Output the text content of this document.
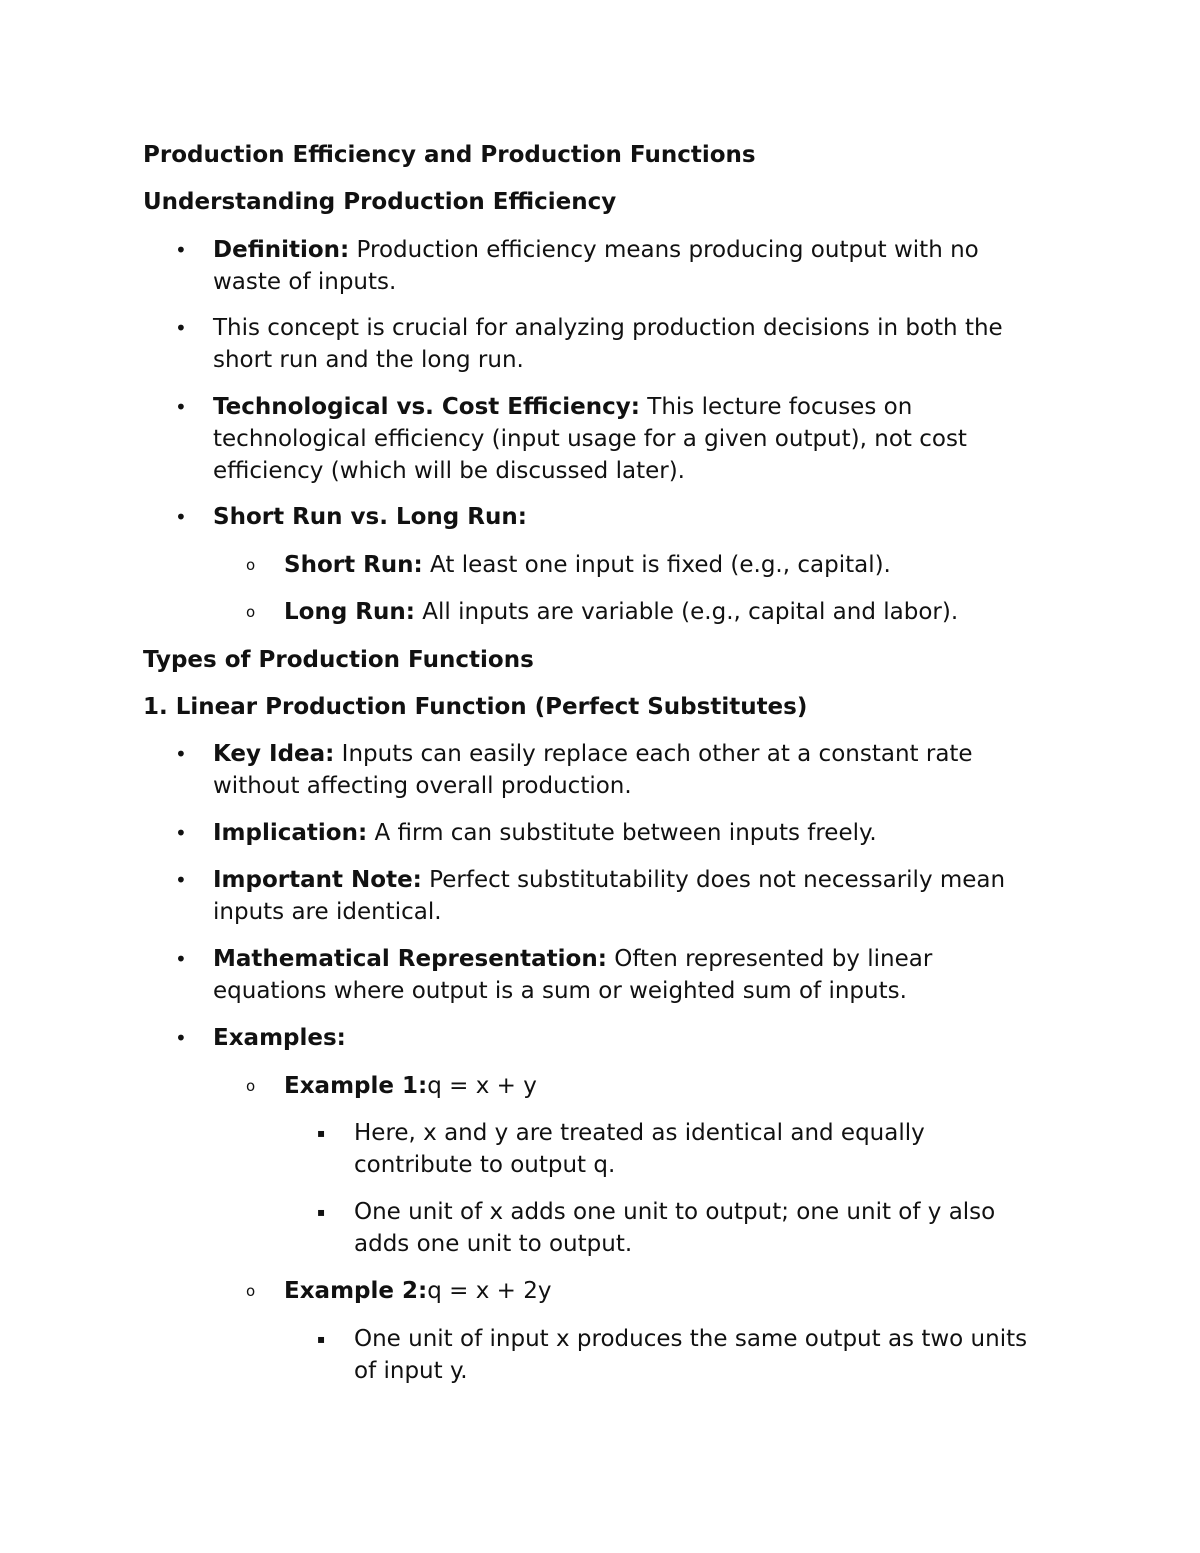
Production Efficiency and Production Functions
Understanding Production Efficiency
• Definition: Production efficiency means producing output with no
waste of inputs.
• This concept is crucial for analyzing production decisions in both the
short run and the long run.
• Technological vs. Cost Efficiency: This lecture focuses on
technological efficiency (input usage for a given output), not cost
efficiency (which will be discussed later).
• Short Run vs. Long Run:
o Short Run: At least one input is fixed (e.g., capital).
o Long Run: All inputs are variable (e.g., capital and labor).
Types of Production Functions
1. Linear Production Function (Perfect Substitutes)
• Key Idea: Inputs can easily replace each other at a constant rate
without affecting overall production.
• Implication: A firm can substitute between inputs freely.
• Important Note: Perfect substitutability does not necessarily mean
inputs are identical.
• Mathematical Representation: Often represented by linear
equations where output is a sum or weighted sum of inputs.
• Examples:
o Example 1:q = x + y
▪ Here, x and y are treated as identical and equally
contribute to output q.
▪ One unit of x adds one unit to output; one unit of y also
adds one unit to output.
o Example 2:q = x + 2y
▪ One unit of input x produces the same output as two units
of input y.
